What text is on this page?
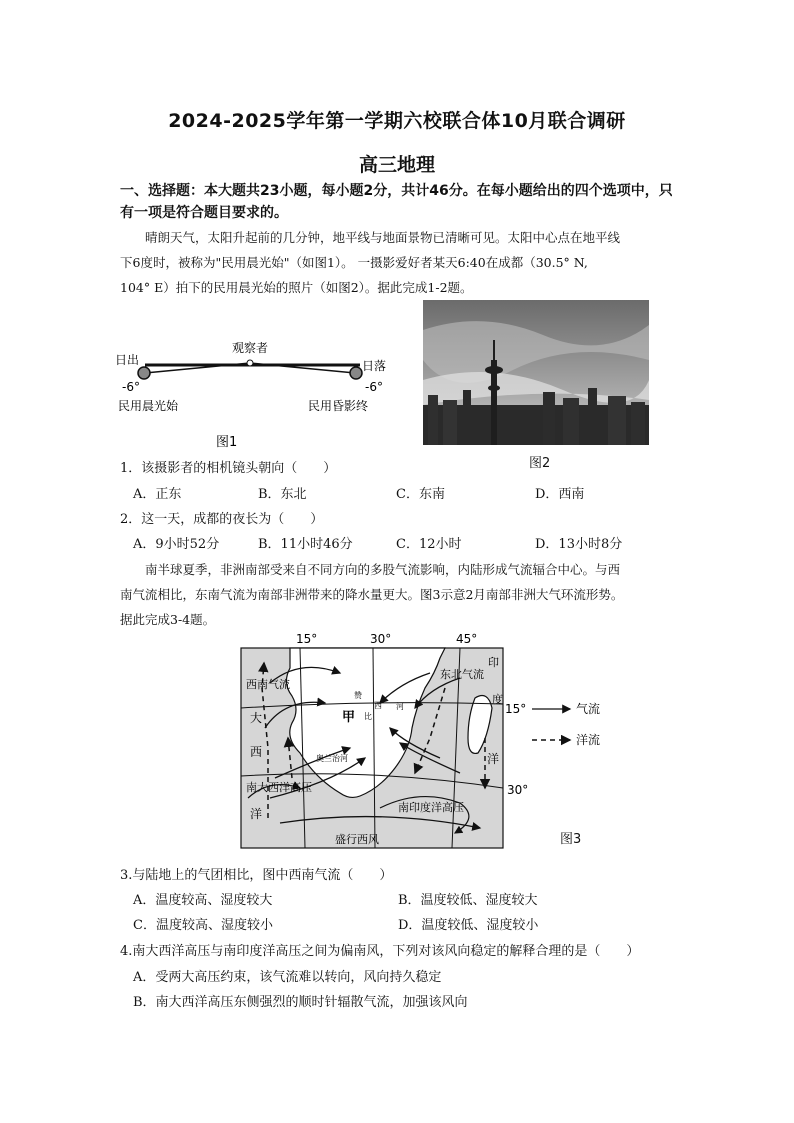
2024-2025学年第一学期六校联合体10月联合调研
高三地理
一、选择题：本大题共23小题，每小题2分，共计46分。在每小题给出的四个选项中，只有一项是符合题目要求的。
晴朗天气，太阳升起前的几分钟，地平线与地面景物已清晰可见。太阳中心点在地平线
下6度时，被称为"民用晨光始"（如图1）。 一摄影爱好者某天6:40在成都（30.5° N,
104° E）拍下的民用晨光始的照片（如图2）。据此完成1-2题。
日出	日落
观察者
-6°	-6°
民用晨光始	民用昏影终
图1
图2
1．该摄影者的相机镜头朝向（　　）
A．正东	B．东北	C．东南	D．西南
2．这一天，成都的夜长为（　　）
A．9小时52分	B．11小时46分	C．12小时	D．13小时8分
南半球夏季，非洲南部受来自不同方向的多股气流影响，内陆形成气流辐合中心。与西
南气流相比，东南气流为南部非洲带来的降水量更大。图3示意2月南部非洲大气环流形势。
据此完成3-4题。
15°	30°	45°
西南气流
东北气流
大
西
洋
印
度
洋
甲
赞
比
西 河
奥兰治河
南大西洋高压
南印度洋高压
盛行西风
15°
30°
气流
洋流
图3
3.与陆地上的气团相比，图中西南气流（　　）
A．温度较高、湿度较大	B．温度较低、湿度较大
C．温度较高、湿度较小	D．温度较低、湿度较小
4.南大西洋高压与南印度洋高压之间为偏南风，下列对该风向稳定的解释合理的是（　　）
A．受两大高压约束，该气流难以转向，风向持久稳定
B．南大西洋高压东侧强烈的顺时针辐散气流，加强该风向
